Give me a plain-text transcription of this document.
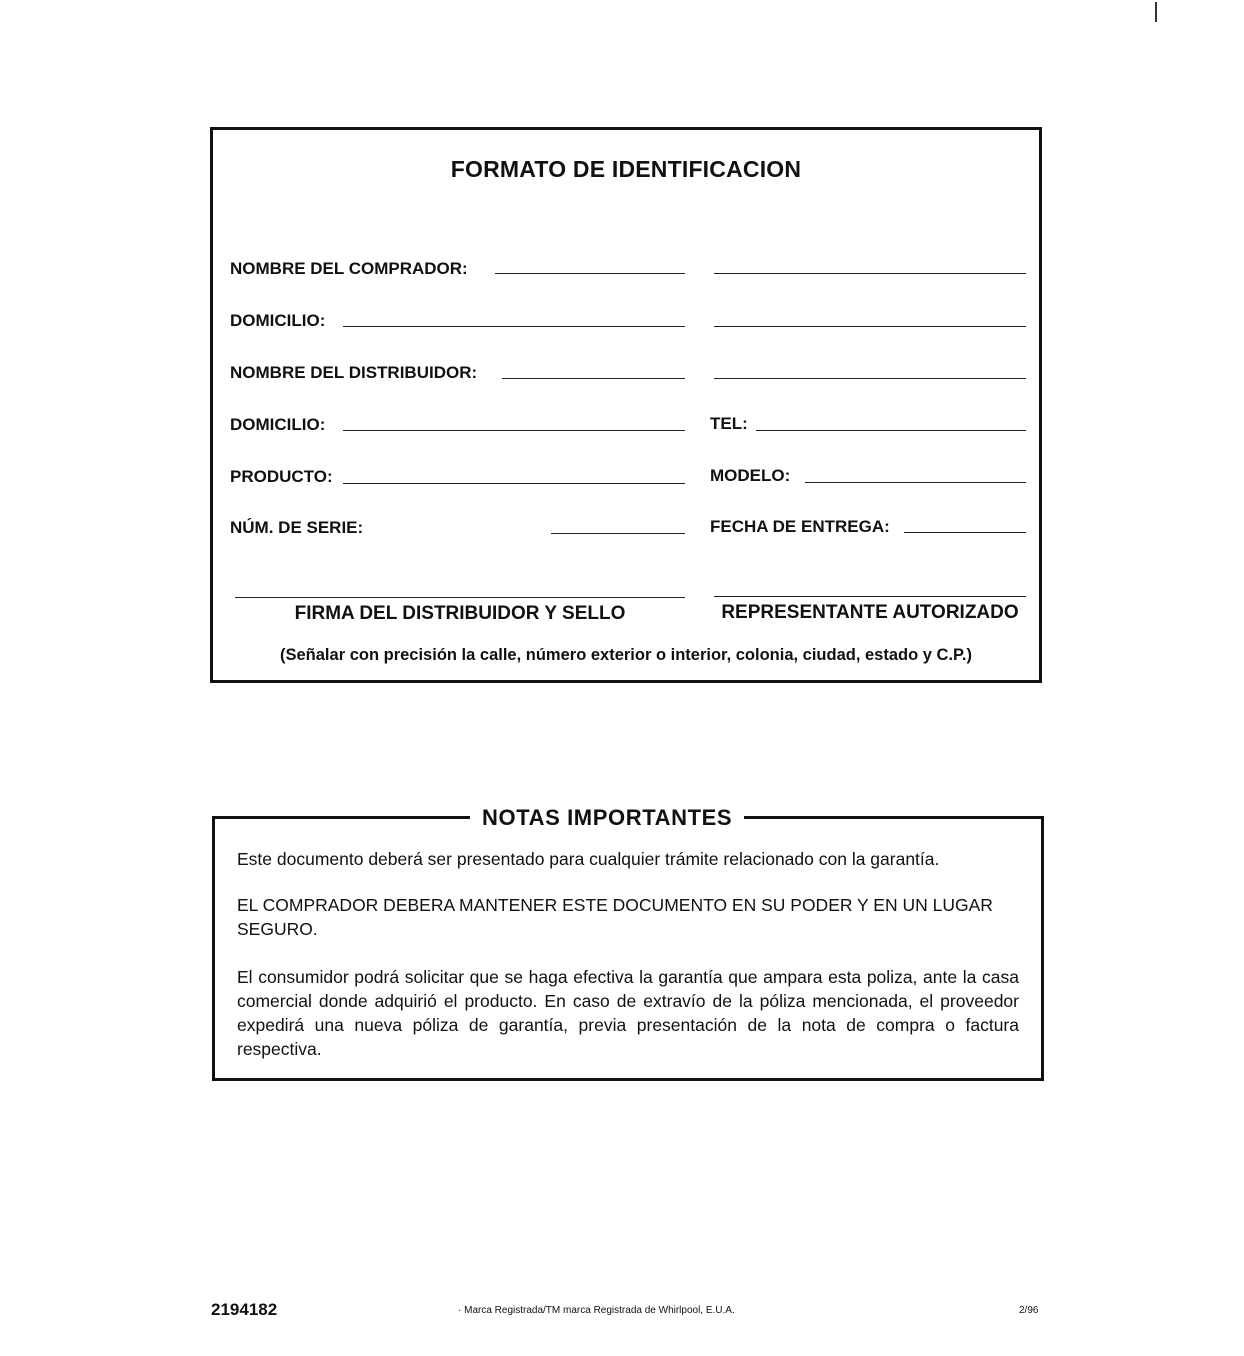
FORMATO DE IDENTIFICACION
NOMBRE DEL COMPRADOR:
DOMICILIO:
NOMBRE DEL DISTRIBUIDOR:
DOMICILIO:	TEL:
PRODUCTO:	MODELO:
NÚM. DE SERIE:	FECHA DE ENTREGA:
FIRMA DEL DISTRIBUIDOR Y SELLO	REPRESENTANTE AUTORIZADO
(Señalar con precisión la calle, número exterior o interior, colonia, ciudad, estado y C.P.)
NOTAS IMPORTANTES
Este documento deberá ser presentado para cualquier trámite relacionado con la garantía.
EL COMPRADOR DEBERA MANTENER ESTE DOCUMENTO EN SU PODER Y EN UN LUGAR SEGURO.
El consumidor podrá solicitar que se haga efectiva la garantía que ampara esta poliza, ante la casa comercial donde adquirió el producto. En caso de extravío de la póliza mencionada, el proveedor expedirá una nueva póliza de garantía, previa presentación de la nota de compra o factura respectiva.
2194182	· Marca Registrada/TM marca Registrada de Whirlpool, E.U.A.	2/96
